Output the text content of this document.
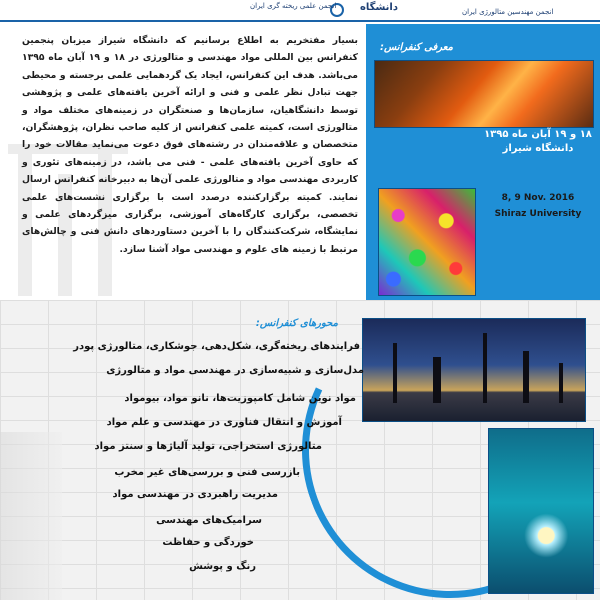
انجمن مهندسین متالورژی ایران
دانشگاه
انجمن علمی ریخته گری ایران

بسیار مفتخریم به اطلاع برسانیم که دانشگاه شیراز میزبان پنجمین کنفرانس بین المللی مواد مهندسی و متالورژی در ۱۸ و ۱۹ آبان ماه ۱۳۹۵ می‌باشد. هدف این کنفرانس، ایجاد یک گردهمایی علمی برجسته و محیطی جهت تبادل نظر علمی و فنی و ارائه آخرین یافته‌های علمی و پژوهشی توسط دانشگاهیان، سازمان‌ها و صنعتگران در زمینه‌های مختلف مواد و متالورژی است، کمیته علمی کنفرانس از کلیه صاحب نظران، پژوهشگران، متخصصان و علاقه‌مندان در رشته‌های فوق دعوت می‌نماید مقالات خود را که حاوی آخرین یافته‌های علمی - فنی می باشد، در زمینه‌های تئوری و کاربردی مهندسی مواد و متالورژی علمی آن‌ها به دبیرخانه کنفرانس ارسال نمایند. کمیته برگزارکننده درصدد است با برگزاری نشست‌های علمی تخصصی، برگزاری کارگاه‌های آموزشی، برگزاری میزگردهای علمی و نمایشگاه، شرکت‌کنندگان را با آخرین دستاوردهای دانش فنی و چالش‌های مرتبط با زمینه های علوم و مهندسی مواد آشنا سازد.

معرفی کنفرانس:
۱۸ و ۱۹ آبان ماه ۱۳۹۵
دانشگاه شیراز
8, 9 Nov. 2016
Shiraz University
محورهای کنفرانس:
فرایندهای ریخته‌گری، شکل‌دهی، جوشکاری، متالورژی پودر
مدل‌سازی و شبیه‌سازی در مهندسی مواد و متالورژی
مواد نوین شامل کامپوزیت‌ها، نانو مواد، بیومواد
آموزش و انتقال فناوری در مهندسی و علم مواد
متالورژی استخراجی، تولید آلیاژها و سنتز مواد
بازرسی فنی و بررسی‌های غیر مخرب
مدیریت راهبردی در مهندسی مواد
سرامیک‌های مهندسی
خوردگی و حفاظت
رنگ و پوشش
